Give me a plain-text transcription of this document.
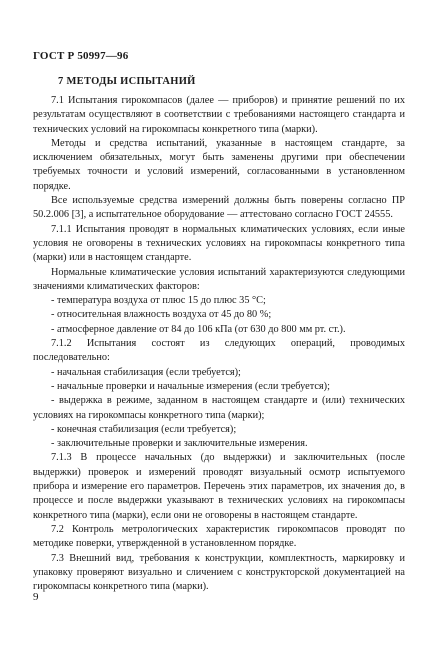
ГОСТ Р 50997—96
7 МЕТОДЫ ИСПЫТАНИЙ

7.1 Испытания гирокомпасов (далее — приборов) и принятие решений по их результатам осуществляют в соответствии с требованиями настоящего стандарта и технических условий на гирокомпасы конкретного типа (марки).

Методы и средства испытаний, указанные в настоящем стандарте, за исключением обязательных, могут быть заменены другими при обеспечении требуемых точности и условий измерений, согласованными в установленном порядке.

Все используемые средства измерений должны быть поверены согласно ПР 50.2.006 [3], а испытательное оборудование — аттестовано согласно ГОСТ 24555.

7.1.1 Испытания проводят в нормальных климатических условиях, если иные условия не оговорены в технических условиях на гирокомпасы конкретного типа (марки) или в настоящем стандарте.

Нормальные климатические условия испытаний характеризуются следующими значениями климатических факторов:

- температура воздуха от плюс 15 до плюс 35 °С;

- относительная влажность воздуха от 45 до 80 %;

- атмосферное давление от 84 до 106 кПа (от 630 до 800 мм рт. ст.).

7.1.2 Испытания состоят из следующих операций, проводимых последовательно:

- начальная стабилизация (если требуется);

- начальные проверки и начальные измерения (если требуется);

- выдержка в режиме, заданном в настоящем стандарте и (или) технических условиях на гирокомпасы конкретного типа (марки);

- конечная стабилизация (если требуется);

- заключительные проверки и заключительные измерения.

7.1.3 В процессе начальных (до выдержки) и заключительных (после выдержки) проверок и измерений проводят визуальный осмотр испытуемого прибора и измерение его параметров. Перечень этих параметров, их значения до, в процессе и после выдержки указывают в технических условиях на гирокомпасы конкретного типа (марки), если они не оговорены в настоящем стандарте.

7.2 Контроль метрологических характеристик гирокомпасов проводят по методике поверки, утвержденной в установленном порядке.

7.3 Внешний вид, требования к конструкции, комплектность, маркировку и упаковку проверяют визуально и сличением с конструкторской документацией на гирокомпасы конкретного типа (марки).

9
